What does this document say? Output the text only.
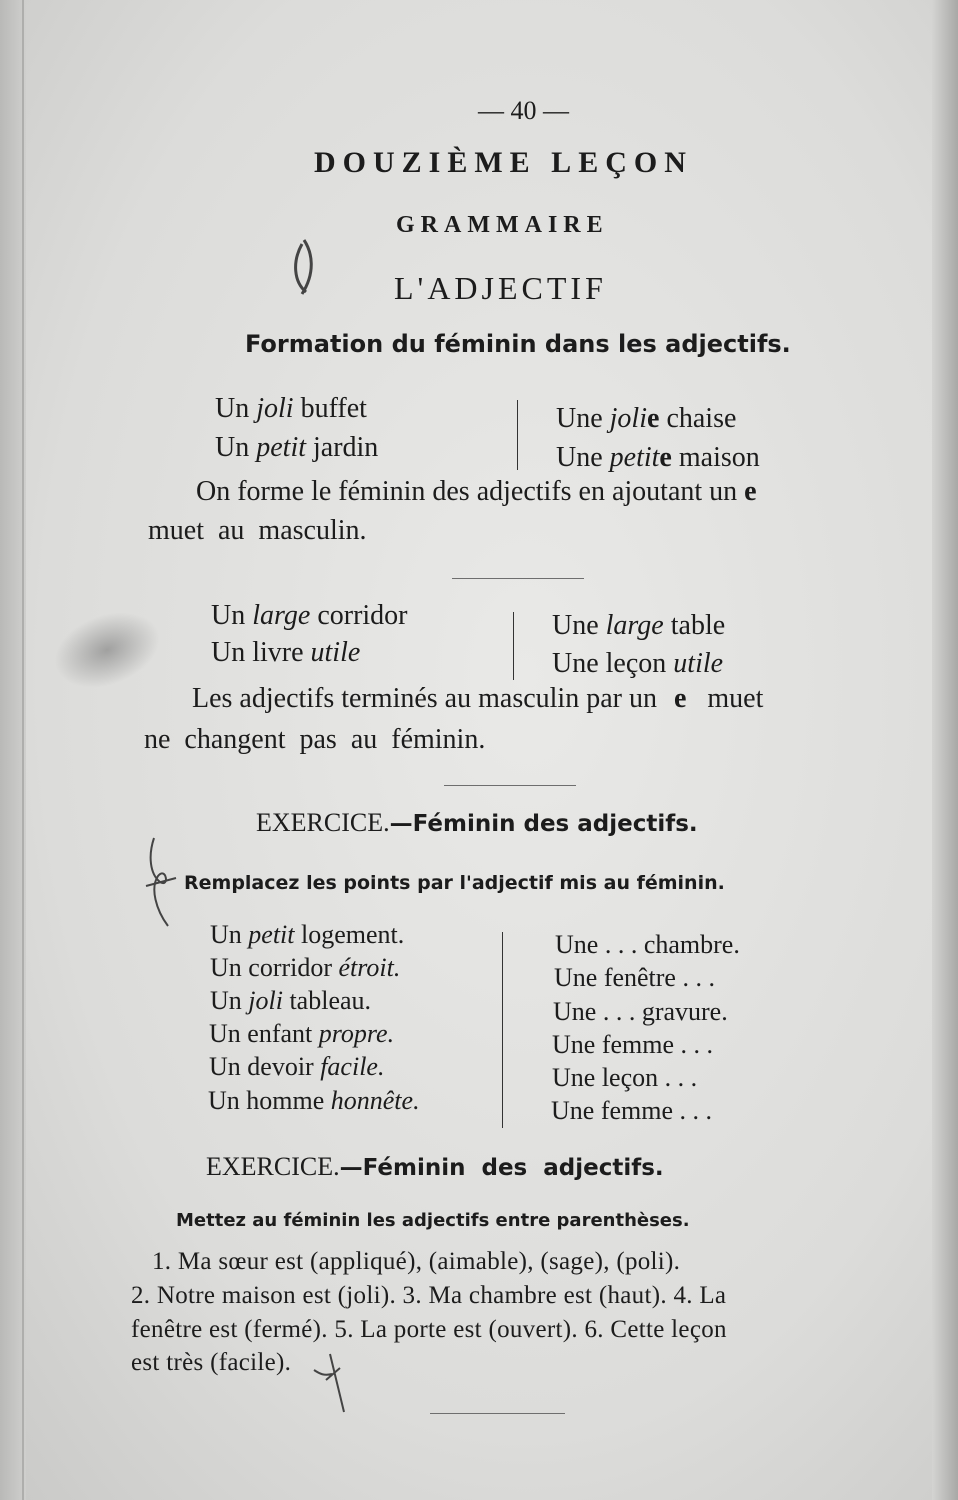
— 40 —
DOUZIÈME LEÇON
GRAMMAIRE
L'ADJECTIF
Formation du féminin dans les adjectifs.
Un joli buffet
Un petit jardin
Une jolie chaise
Une petite maison
On forme le féminin des adjectifs en ajoutant un e
muet  au  masculin.
Un large corridor
Un livre utile
Une large table
Une leçon utile
Les adjectifs terminés au masculin par un e muet
ne  changent  pas  au  féminin.
EXERCICE.—Féminin des adjectifs.
Remplacez les points par l'adjectif mis au féminin.
Un petit logement.
Un corridor étroit.
Un joli tableau.
Un enfant propre.
Un devoir facile.
Un homme honnête.
Une . . . chambre.
Une fenêtre . . .
Une . . . gravure.
Une femme . . .
Une leçon . . .
Une femme . . .
EXERCICE.—Féminin  des  adjectifs.
Mettez au féminin les adjectifs entre parenthèses.
1. Ma sœur est (appliqué), (aimable), (sage), (poli).
2. Notre maison est (joli). 3. Ma chambre est (haut). 4. La
fenêtre est (fermé). 5. La porte est (ouvert). 6. Cette leçon
est très (facile).
